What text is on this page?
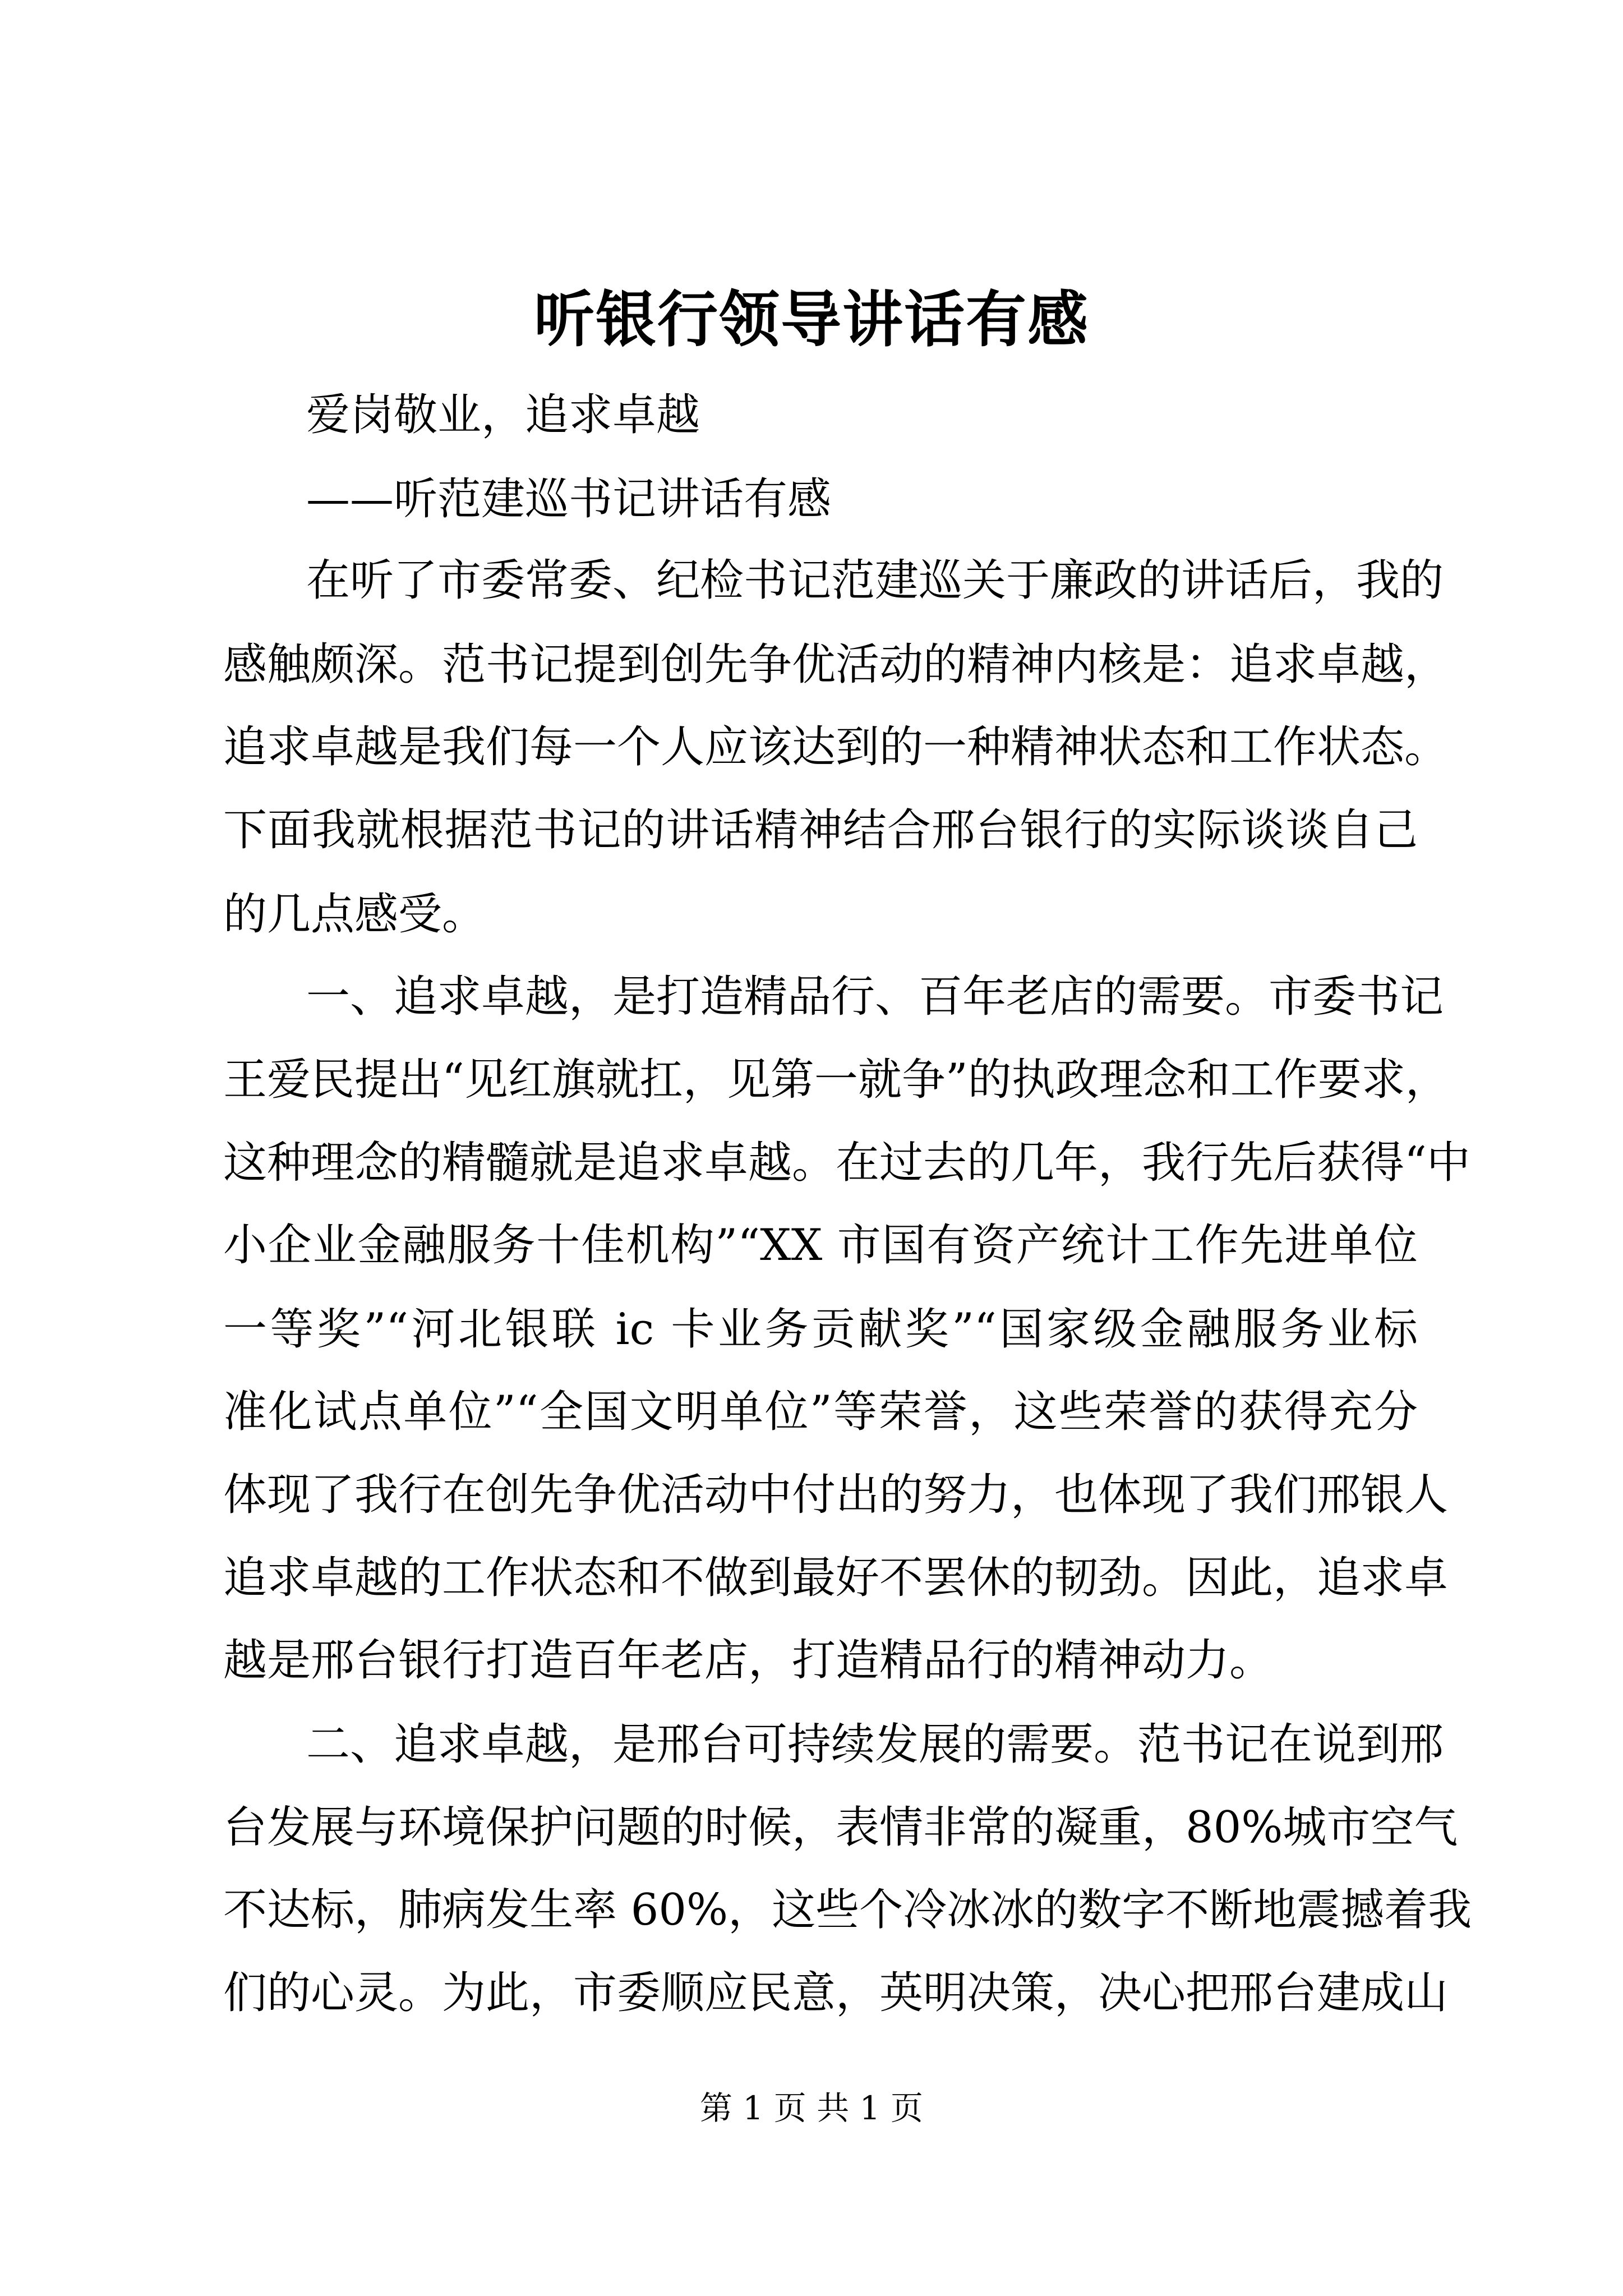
听银行领导讲话有感

爱岗敬业，追求卓越

——听范建巡书记讲话有感

在听了市委常委、纪检书记范建巡关于廉政的讲话后，我的

感触颇深。范书记提到创先争优活动的精神内核是：追求卓越，

追求卓越是我们每一个人应该达到的一种精神状态和工作状态。

下面我就根据范书记的讲话精神结合邢台银行的实际谈谈自己

的几点感受。

一、追求卓越，是打造精品行、百年老店的需要。市委书记

王爱民提出“见红旗就扛，见第一就争”的执政理念和工作要求，

这种理念的精髓就是追求卓越。在过去的几年，我行先后获得“中

小企业金融服务十佳机构”“XX 市国有资产统计工作先进单位

一等奖”“河北银联 ic 卡业务贡献奖”“国家级金融服务业标

准化试点单位”“全国文明单位”等荣誉，这些荣誉的获得充分

体现了我行在创先争优活动中付出的努力，也体现了我们邢银人

追求卓越的工作状态和不做到最好不罢休的韧劲。因此，追求卓

越是邢台银行打造百年老店，打造精品行的精神动力。

二、追求卓越，是邢台可持续发展的需要。范书记在说到邢

台发展与环境保护问题的时候，表情非常的凝重，80%城市空气

不达标，肺病发生率 60%，这些个冷冰冰的数字不断地震撼着我

们的心灵。为此，市委顺应民意，英明决策，决心把邢台建成山

第 1 页 共 1 页
